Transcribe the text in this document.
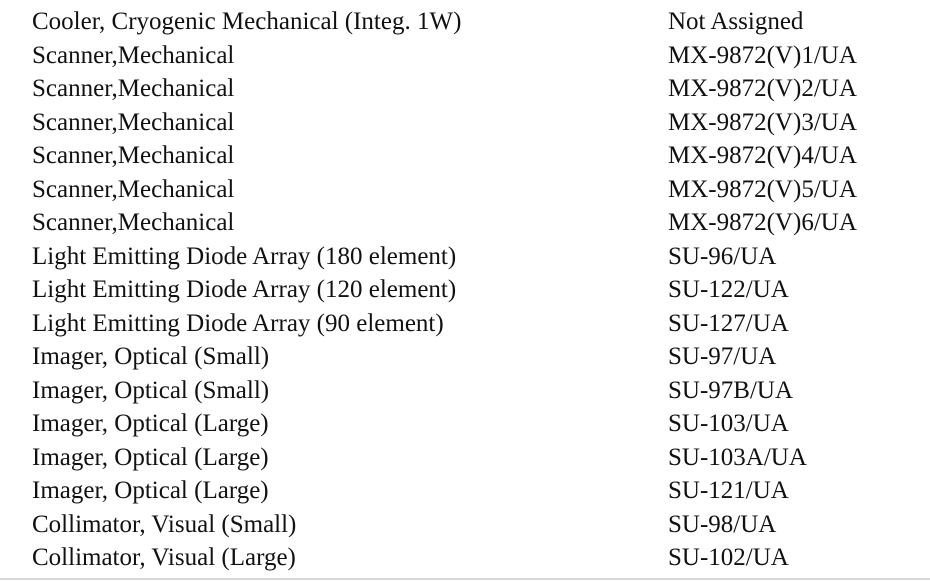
Cooler, Cryogenic Mechanical (Integ. 1W)	Not Assigned
Scanner,Mechanical	MX-9872(V)1/UA
Scanner,Mechanical	MX-9872(V)2/UA
Scanner,Mechanical	MX-9872(V)3/UA
Scanner,Mechanical	MX-9872(V)4/UA
Scanner,Mechanical	MX-9872(V)5/UA
Scanner,Mechanical	MX-9872(V)6/UA
Light Emitting Diode Array (180 element)	SU-96/UA
Light Emitting Diode Array (120 element)	SU-122/UA
Light Emitting Diode Array (90 element)	SU-127/UA
Imager, Optical (Small)	SU-97/UA
Imager, Optical (Small)	SU-97B/UA
Imager, Optical (Large)	SU-103/UA
Imager, Optical (Large)	SU-103A/UA
Imager, Optical (Large)	SU-121/UA
Collimator, Visual (Small)	SU-98/UA
Collimator, Visual (Large)	SU-102/UA
